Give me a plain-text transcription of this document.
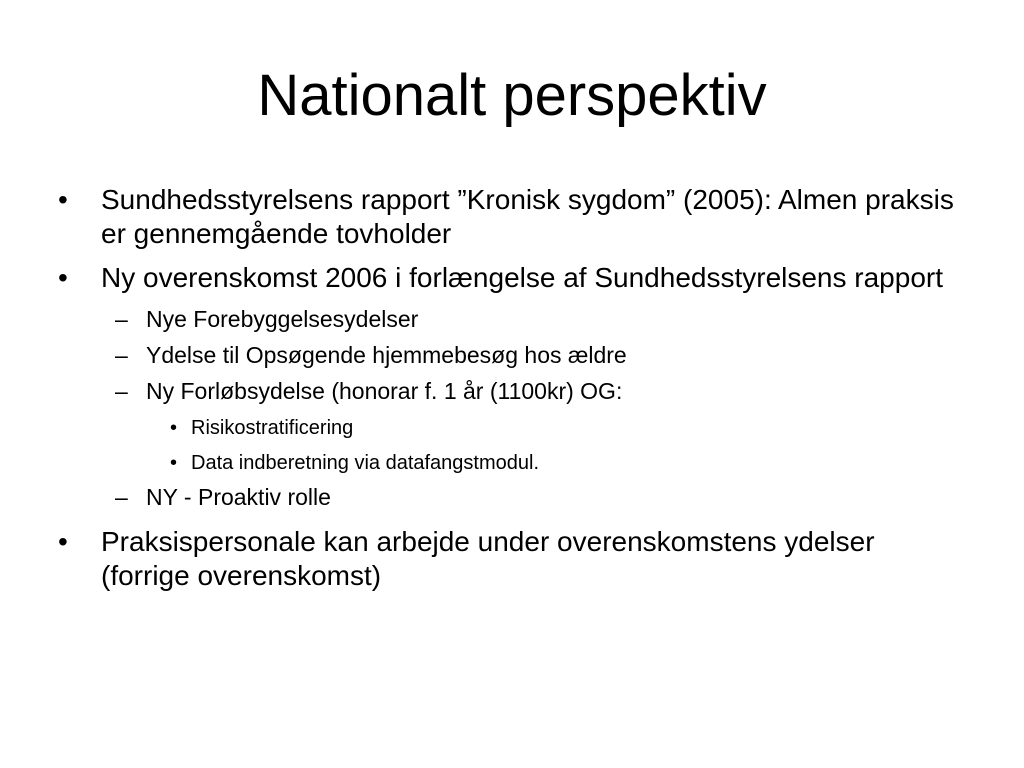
Nationalt perspektiv
• Sundhedsstyrelsens rapport ”Kronisk sygdom” (2005): Almen praksis er gennemgående tovholder
• Ny overenskomst 2006 i forlængelse af Sundhedsstyrelsens rapport
– Nye Forebyggelsesydelser
– Ydelse til Opsøgende hjemmebesøg hos ældre
– Ny Forløbsydelse (honorar f. 1 år (1100kr) OG:
• Risikostratificering
• Data indberetning via datafangstmodul.
– NY - Proaktiv rolle
• Praksispersonale kan arbejde under overenskomstens ydelser (forrige overenskomst)
